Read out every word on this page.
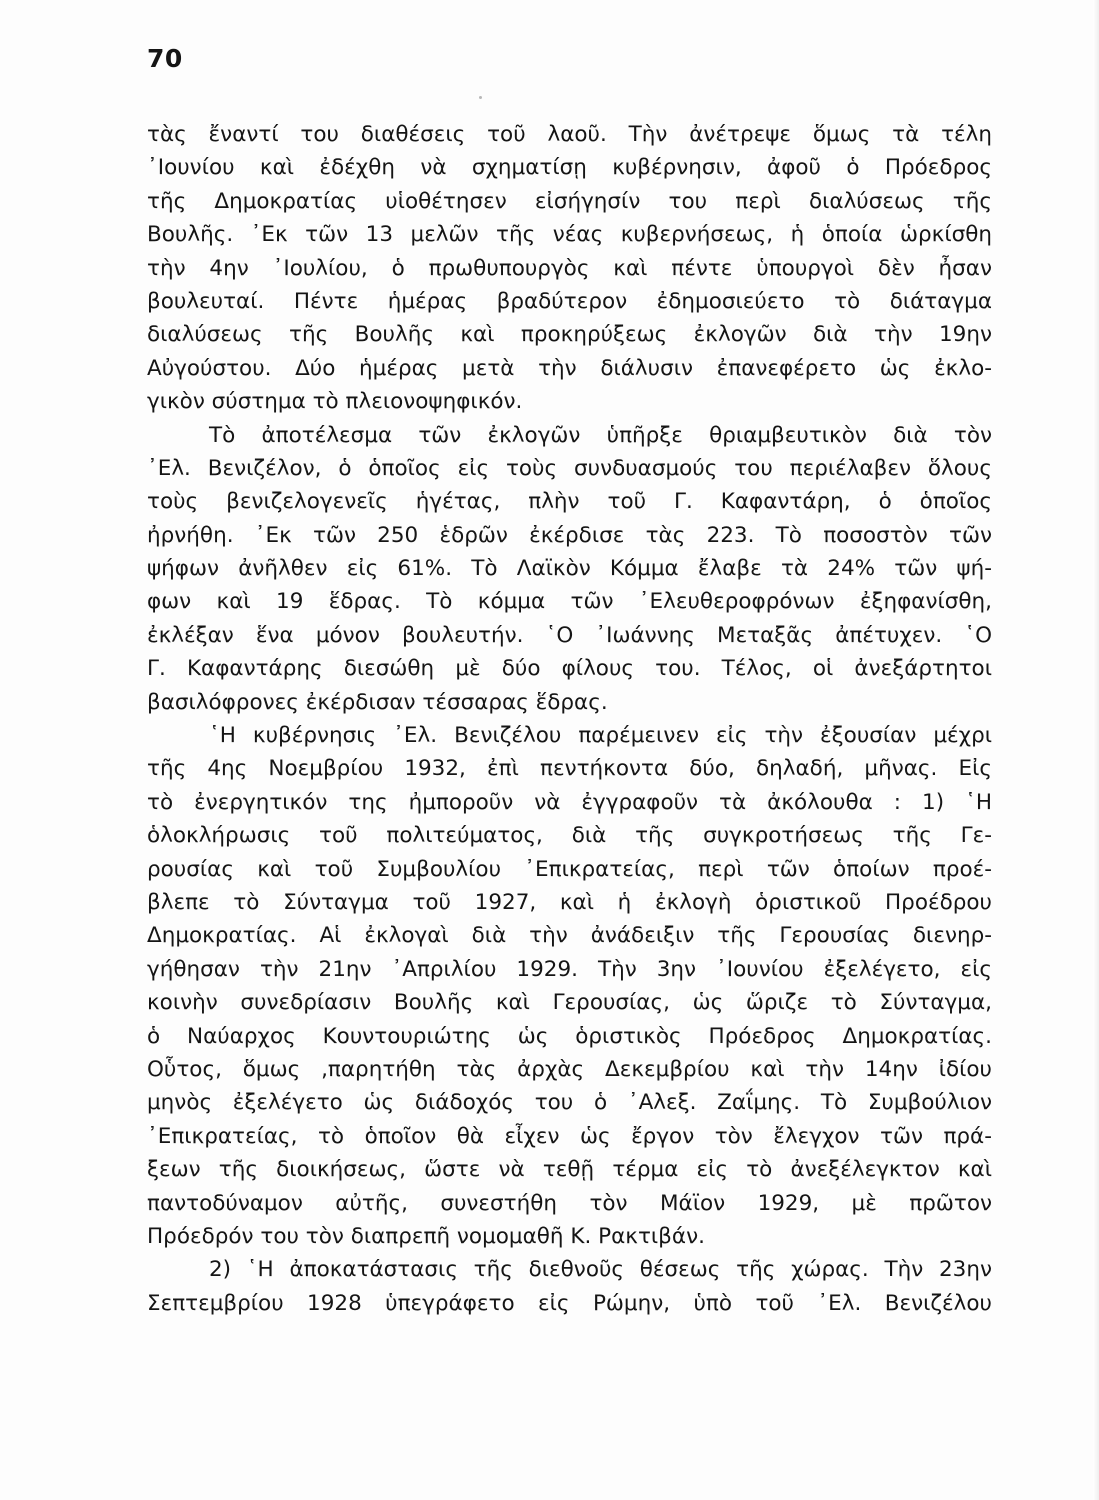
70
τὰς ἔναντί του διαθέσεις τοῦ λαοῦ. Τὴν ἀνέτρεψε ὅμως τὰ τέλη
᾿Ιουνίου καὶ ἐδέχθη νὰ σχηματίσῃ κυβέρνησιν, ἀφοῦ ὁ Πρόεδρος
τῆς Δημοκρατίας υἱοθέτησεν εἰσήγησίν του περὶ διαλύσεως τῆς
Βουλῆς. ᾿Εκ τῶν 13 μελῶν τῆς νέας κυβερνήσεως, ἡ ὁποία ὡρκίσθη
τὴν 4ην ᾿Ιουλίου, ὁ πρωθυπουργὸς καὶ πέντε ὑπουργοὶ δὲν ἦσαν
βουλευταί. Πέντε ἡμέρας βραδύτερον ἐδημοσιεύετο τὸ διάταγμα
διαλύσεως τῆς Βουλῆς καὶ προκηρύξεως ἐκλογῶν διὰ τὴν 19ην
Αὐγούστου. Δύο ἡμέρας μετὰ τὴν διάλυσιν ἐπανεφέρετο ὡς ἐκλο-
γικὸν σύστημα τὸ πλειονοψηφικόν.
Τὸ ἀποτέλεσμα τῶν ἐκλογῶν ὑπῆρξε θριαμβευτικὸν διὰ τὸν
᾿Ελ. Βενιζέλον, ὁ ὁποῖος εἰς τοὺς συνδυασμούς του περιέλαβεν ὅλους
τοὺς βενιζελογενεῖς ἡγέτας, πλὴν τοῦ Γ. Καφαντάρη, ὁ ὁποῖος
ἠρνήθη. ᾿Εκ τῶν 250 ἑδρῶν ἐκέρδισε τὰς 223. Τὸ ποσοστὸν τῶν
ψήφων ἀνῆλθεν εἰς 61%. Τὸ Λαϊκὸν Κόμμα ἔλαβε τὰ 24% τῶν ψή-
φων καὶ 19 ἕδρας. Τὸ κόμμα τῶν ᾿Ελευθεροφρόνων ἐξηφανίσθη,
ἐκλέξαν ἕνα μόνον βουλευτήν. ῾Ο ᾿Ιωάννης Μεταξᾶς ἀπέτυχεν. ῾Ο
Γ. Καφαντάρης διεσώθη μὲ δύο φίλους του. Τέλος, οἱ ἀνεξάρτητοι
βασιλόφρονες ἐκέρδισαν τέσσαρας ἕδρας.
῾Η κυβέρνησις ᾿Ελ. Βενιζέλου παρέμεινεν εἰς τὴν ἐξουσίαν μέχρι
τῆς 4ης Νοεμβρίου 1932, ἐπὶ πεντήκοντα δύο, δηλαδή, μῆνας. Εἰς
τὸ ἐνεργητικόν της ἠμποροῦν νὰ ἐγγραφοῦν τὰ ἀκόλουθα : 1) ῾Η
ὁλοκλήρωσις τοῦ πολιτεύματος, διὰ τῆς συγκροτήσεως τῆς Γε-
ρουσίας καὶ τοῦ Συμβουλίου ᾿Επικρατείας, περὶ τῶν ὁποίων προέ-
βλεπε τὸ Σύνταγμα τοῦ 1927, καὶ ἡ ἐκλογὴ ὁριστικοῦ Προέδρου
Δημοκρατίας. Αἱ ἐκλογαὶ διὰ τὴν ἀνάδειξιν τῆς Γερουσίας διενηρ-
γήθησαν τὴν 21ην ᾿Απριλίου 1929. Τὴν 3ην ᾿Ιουνίου ἐξελέγετο, εἰς
κοινὴν συνεδρίασιν Βουλῆς καὶ Γερουσίας, ὡς ὥριζε τὸ Σύνταγμα,
ὁ Ναύαρχος Κουντουριώτης ὡς ὁριστικὸς Πρόεδρος Δημοκρατίας.
Οὗτος, ὅμως ,παρητήθη τὰς ἀρχὰς Δεκεμβρίου καὶ τὴν 14ην ἰδίου
μηνὸς ἐξελέγετο ὡς διάδοχός του ὁ ᾿Αλεξ. Ζαΐμης. Τὸ Συμβούλιον
᾿Επικρατείας, τὸ ὁποῖον θὰ εἶχεν ὡς ἔργον τὸν ἔλεγχον τῶν πρά-
ξεων τῆς διοικήσεως, ὥστε νὰ τεθῇ τέρμα εἰς τὸ ἀνεξέλεγκτον καὶ
παντοδύναμον αὐτῆς, συνεστήθη τὸν Μάϊον 1929, μὲ πρῶτον
Πρόεδρόν του τὸν διαπρεπῆ νομομαθῆ Κ. Ρακτιβάν.
2) ῾Η ἀποκατάστασις τῆς διεθνοῦς θέσεως τῆς χώρας. Τὴν 23ην
Σεπτεμβρίου 1928 ὑπεγράφετο εἰς Ρώμην, ὑπὸ τοῦ ᾿Ελ. Βενιζέλου
